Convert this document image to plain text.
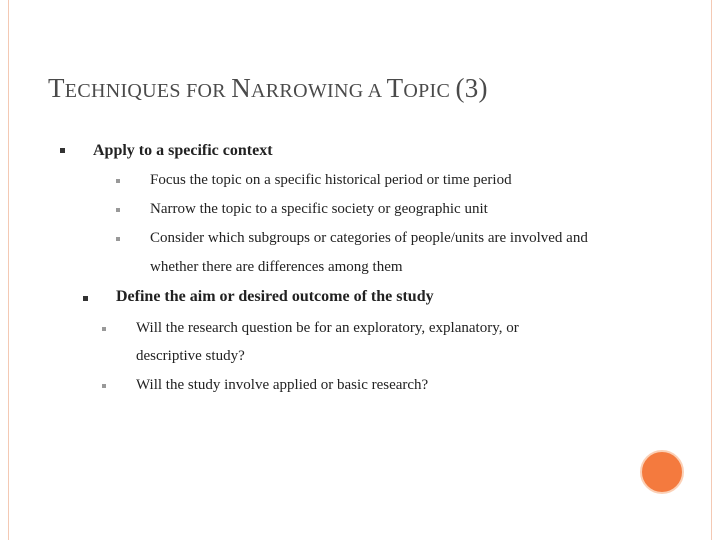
TECHNIQUES FOR NARROWING A TOPIC (3)
Apply to a specific context
Focus the topic on a specific historical period or time period
Narrow the topic to a specific society or geographic unit
Consider which subgroups or categories of people/units are involved and
whether there are differences among them
Define the aim or desired outcome of the study
Will the research question be for an exploratory, explanatory, or
descriptive study?
Will the study involve applied or basic research?
